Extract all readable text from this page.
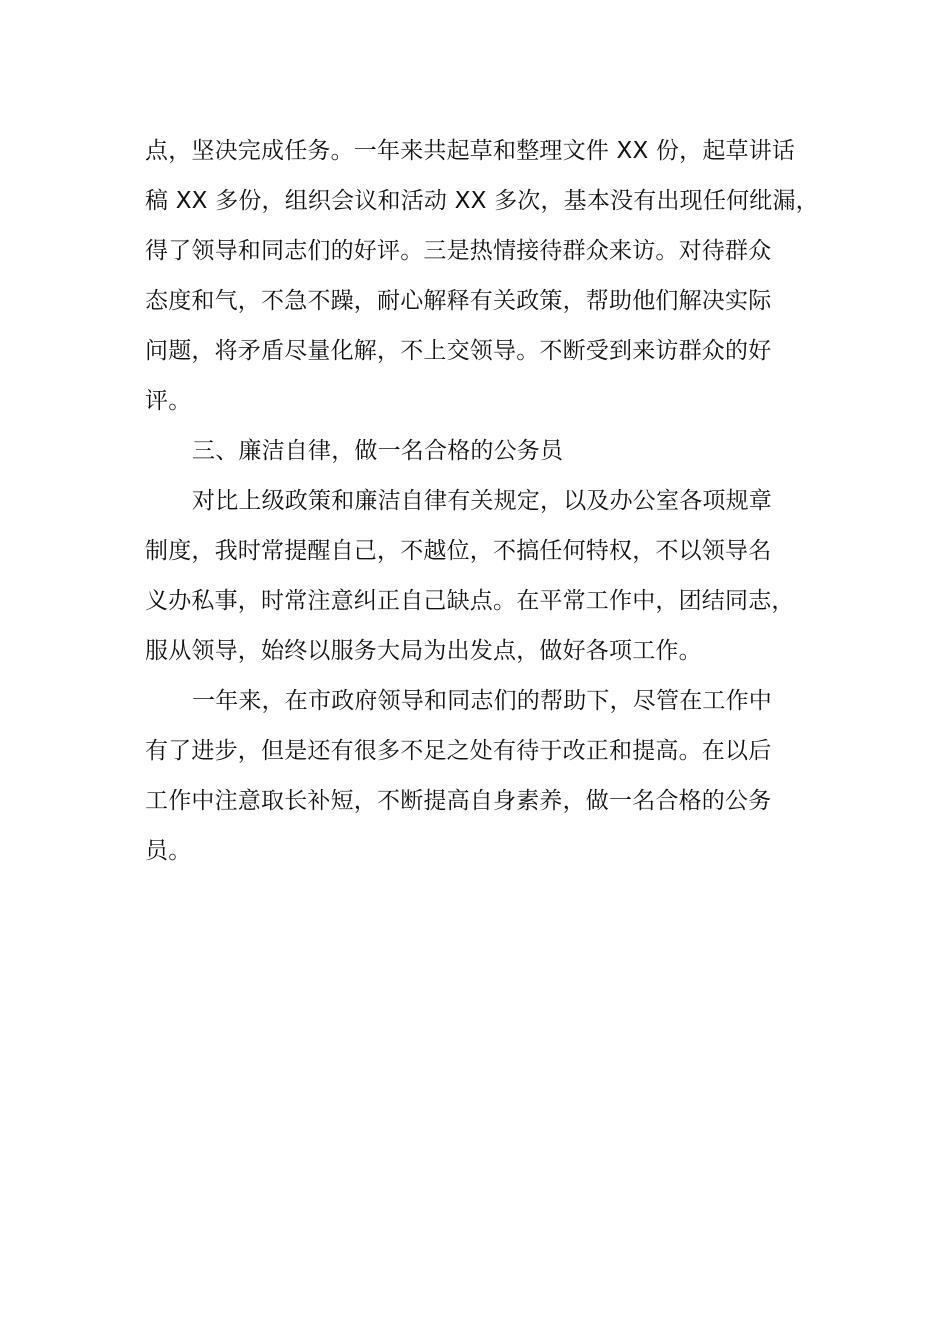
点，坚决完成任务。一年来共起草和整理文件 XX 份，起草讲话
稿 XX 多份，组织会议和活动 XX 多次，基本没有出现任何纰漏，
得了领导和同志们的好评。三是热情接待群众来访。对待群众
态度和气，不急不躁，耐心解释有关政策，帮助他们解决实际
问题，将矛盾尽量化解，不上交领导。不断受到来访群众的好
评。
三、廉洁自律，做一名合格的公务员
对比上级政策和廉洁自律有关规定，以及办公室各项规章
制度，我时常提醒自己，不越位，不搞任何特权，不以领导名
义办私事，时常注意纠正自己缺点。在平常工作中，团结同志，
服从领导，始终以服务大局为出发点，做好各项工作。
一年来，在市政府领导和同志们的帮助下，尽管在工作中
有了进步，但是还有很多不足之处有待于改正和提高。在以后
工作中注意取长补短，不断提高自身素养，做一名合格的公务
员。
